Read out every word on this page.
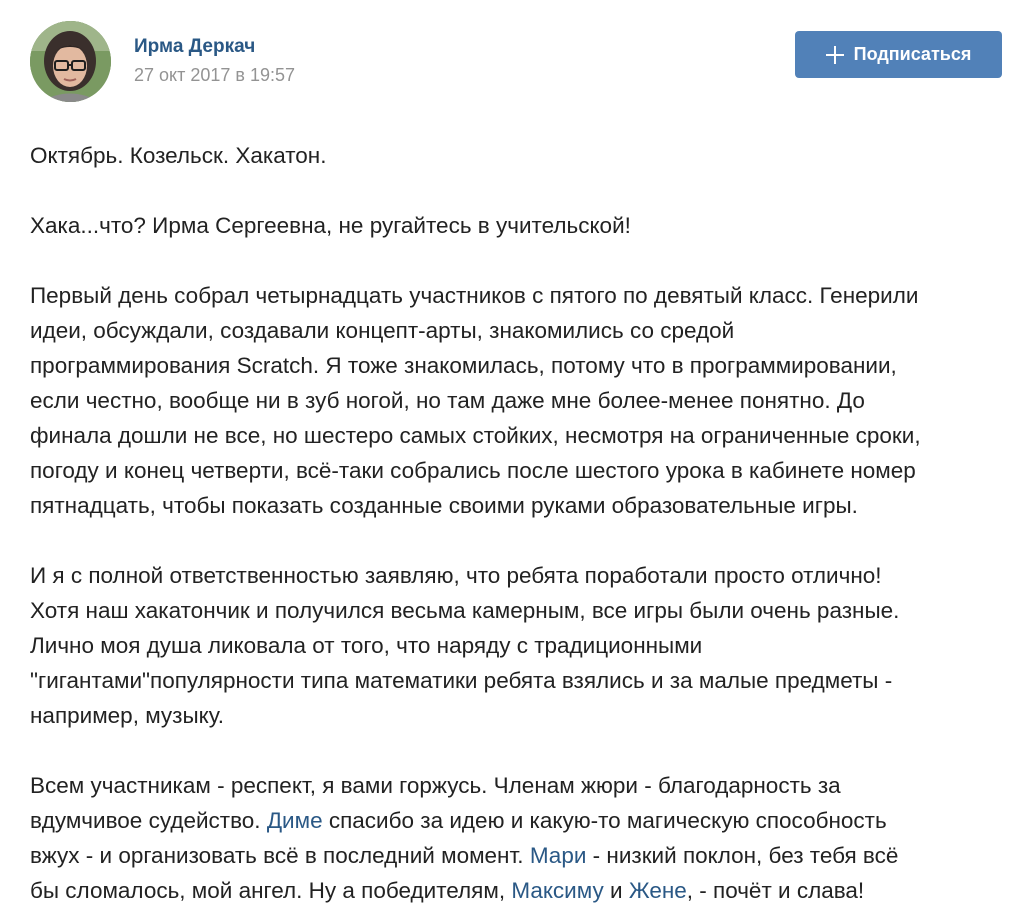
Ирма Деркач
27 окт 2017 в 19:57
Подписаться
Октябрь. Козельск. Хакатон.
Хака...что? Ирма Сергеевна, не ругайтесь в учительской!
Первый день собрал четырнадцать участников с пятого по девятый класс. Генерили
идеи, обсуждали, создавали концепт-арты, знакомились со средой
программирования Scratch. Я тоже знакомилась, потому что в программировании,
если честно, вообще ни в зуб ногой, но там даже мне более-менее понятно. До
финала дошли не все, но шестеро самых стойких, несмотря на ограниченные сроки,
погоду и конец четверти, всё-таки собрались после шестого урока в кабинете номер
пятнадцать, чтобы показать созданные своими руками образовательные игры.
И я с полной ответственностью заявляю, что ребята поработали просто отлично!
Хотя наш хакатончик и получился весьма камерным, все игры были очень разные.
Лично моя душа ликовала от того, что наряду с традиционными
"гигантами"популярности типа математики ребята взялись и за малые предметы -
например, музыку.
Всем участникам - респект, я вами горжусь. Членам жюри - благодарность за
вдумчивое судейство. Диме спасибо за идею и какую-то магическую способность
вжух - и организовать всё в последний момент. Мари - низкий поклон, без тебя всё
бы сломалось, мой ангел. Ну а победителям, Максиму и Жене, - почёт и слава!
